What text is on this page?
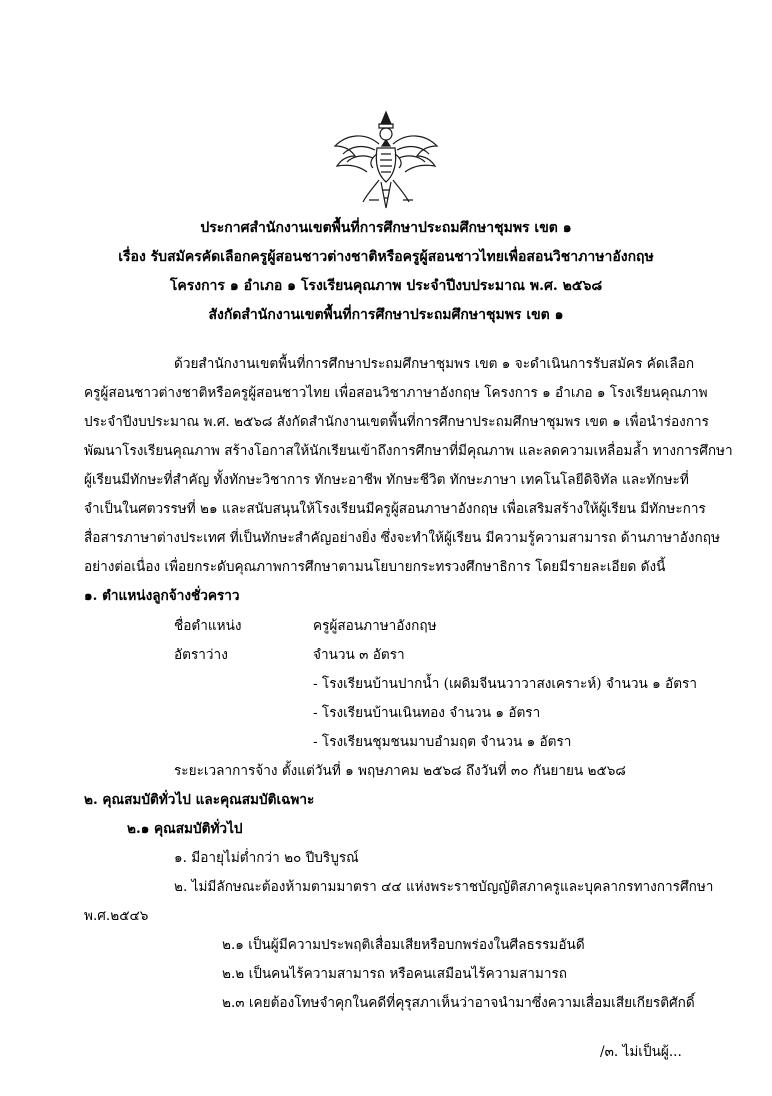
ประกาศสำนักงานเขตพื้นที่การศึกษาประถมศึกษาชุมพร เขต ๑
เรื่อง รับสมัครคัดเลือกครูผู้สอนชาวต่างชาติหรือครูผู้สอนชาวไทยเพื่อสอนวิชาภาษาอังกฤษ
โครงการ ๑ อำเภอ ๑ โรงเรียนคุณภาพ ประจำปีงบประมาณ พ.ศ. ๒๕๖๘
สังกัดสำนักงานเขตพื้นที่การศึกษาประถมศึกษาชุมพร เขต ๑
ด้วยสำนักงานเขตพื้นที่การศึกษาประถมศึกษาชุมพร เขต ๑ จะดำเนินการรับสมัคร คัดเลือก
ครูผู้สอนชาวต่างชาติหรือครูผู้สอนชาวไทย เพื่อสอนวิชาภาษาอังกฤษ โครงการ ๑ อำเภอ ๑ โรงเรียนคุณภาพ
ประจำปีงบประมาณ พ.ศ. ๒๕๖๘ สังกัดสำนักงานเขตพื้นที่การศึกษาประถมศึกษาชุมพร เขต ๑ เพื่อนำร่องการ
พัฒนาโรงเรียนคุณภาพ สร้างโอกาสให้นักเรียนเข้าถึงการศึกษาที่มีคุณภาพ และลดความเหลื่อมล้ำ ทางการศึกษา
ผู้เรียนมีทักษะที่สำคัญ ทั้งทักษะวิชาการ ทักษะอาชีพ ทักษะชีวิต ทักษะภาษา เทคโนโลยีดิจิทัล และทักษะที่
จำเป็นในศตวรรษที่ ๒๑ และสนับสนุนให้โรงเรียนมีครูผู้สอนภาษาอังกฤษ เพื่อเสริมสร้างให้ผู้เรียน มีทักษะการ
สื่อสารภาษาต่างประเทศ ที่เป็นทักษะสำคัญอย่างยิ่ง ซึ่งจะทำให้ผู้เรียน มีความรู้ความสามารถ ด้านภาษาอังกฤษ
อย่างต่อเนื่อง เพื่อยกระดับคุณภาพการศึกษาตามนโยบายกระทรวงศึกษาธิการ โดยมีรายละเอียด ดังนี้
๑. ตำแหน่งลูกจ้างชั่วคราว
ชื่อตำแหน่ง	ครูผู้สอนภาษาอังกฤษ
อัตราว่าง	จำนวน ๓ อัตรา
- โรงเรียนบ้านปากน้ำ (เผดิมจีนนวาวาสงเคราะห์) จำนวน ๑ อัตรา
- โรงเรียนบ้านเนินทอง จำนวน ๑ อัตรา
- โรงเรียนชุมชนมาบอำมฤต จำนวน ๑ อัตรา
ระยะเวลาการจ้าง ตั้งแต่วันที่ ๑ พฤษภาคม ๒๕๖๘ ถึงวันที่ ๓๐ กันยายน ๒๕๖๘
๒. คุณสมบัติทั่วไป และคุณสมบัติเฉพาะ
๒.๑ คุณสมบัติทั่วไป
๑. มีอายุไม่ต่ำกว่า ๒๐ ปีบริบูรณ์
๒. ไม่มีลักษณะต้องห้ามตามมาตรา ๔๔ แห่งพระราชบัญญัติสภาครูและบุคลากรทางการศึกษา
พ.ศ.๒๕๔๖
๒.๑ เป็นผู้มีความประพฤติเสื่อมเสียหรือบกพร่องในศีลธรรมอันดี
๒.๒ เป็นคนไร้ความสามารถ หรือคนเสมือนไร้ความสามารถ
๒.๓ เคยต้องโทษจำคุกในคดีที่คุรุสภาเห็นว่าอาจนำมาซึ่งความเสื่อมเสียเกียรติศักดิ์
/๓. ไม่เป็นผู้...
